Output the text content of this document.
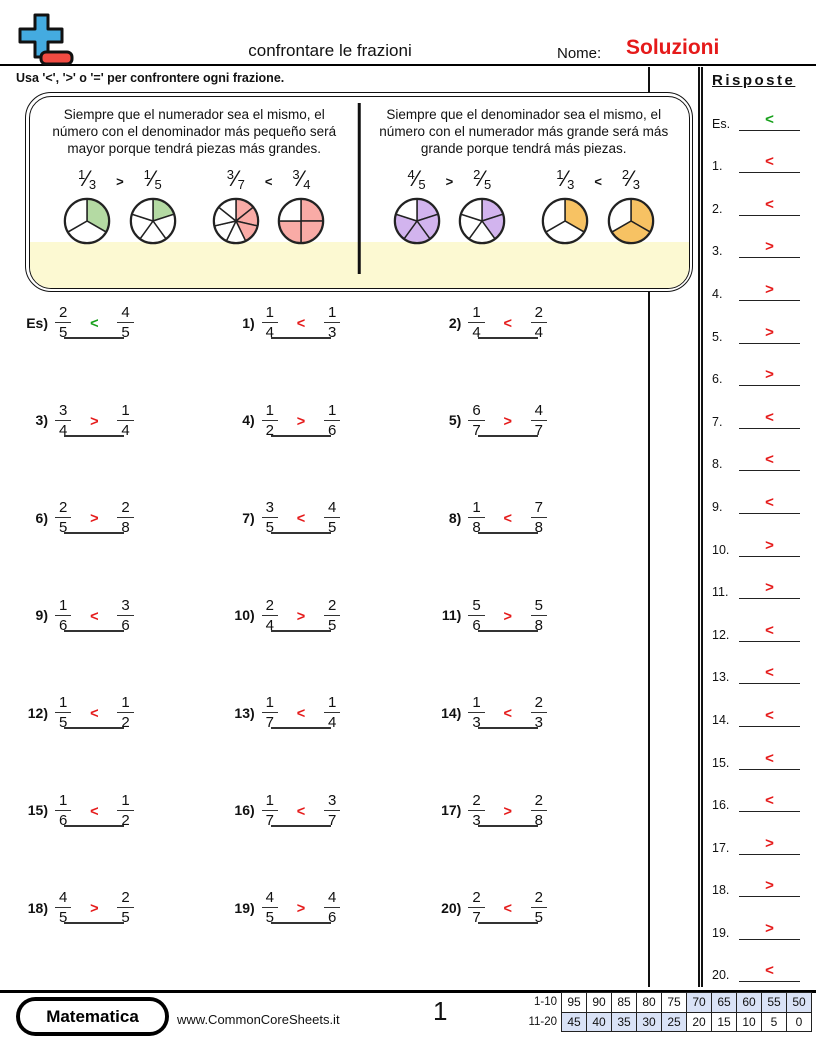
confrontare le frazioni	Nome: Soluzioni
Usa '<', '>' o '=' per confrontere ogni frazione.
Siempre que el numerador sea el mismo, el número con el denominador más pequeño será mayor porque tendrá piezas más grandes.
$^1$⁄3 > $^1$⁄5
$^3$⁄7 < $^3$⁄4
Siempre que el denominador sea el mismo, el número con el numerador más grande será más grande porque tendrá más piezas.
$^4$⁄5 > $^2$⁄5
$^1$⁄3 < $^2$⁄3
$Es) \frac{2}{5}$	<	$\frac{4}{5}$	$1) \frac{1}{4}$	<	$\frac{1}{3}$	$2) \frac{1}{4}$	<	$\frac{2}{4}$
$3) \frac{3}{4}$	>	$\frac{1}{4}$	$4) \frac{1}{2}$	>	$\frac{1}{6}$	$5) \frac{6}{7}$	>	$\frac{4}{7}$
$6) \frac{2}{5}$	>	$\frac{2}{8}$	$7) \frac{3}{5}$	<	$\frac{4}{5}$	$8) \frac{1}{8}$	<	$\frac{7}{8}$
$9) \frac{1}{6}$	<	$\frac{3}{6}$	$10) \frac{2}{4}$	>	$\frac{2}{5}$	$11) \frac{5}{6}$	>	$\frac{5}{8}$
$12) \frac{1}{5}$	<	$\frac{1}{2}$	$13) \frac{1}{7}$	<	$\frac{1}{4}$	$14) \frac{1}{3}$	<	$\frac{2}{3}$
$15) \frac{1}{6}$	<	$\frac{1}{2}$	$16) \frac{1}{7}$	<	$\frac{3}{7}$	$17) \frac{2}{3}$	>	$\frac{2}{8}$
$18) \frac{4}{5}$	>	$\frac{2}{5}$	$19) \frac{4}{5}$	>	$\frac{4}{6}$	$20) \frac{2}{7}$	<	$\frac{2}{5}$
Risposte
Es.	<
1.	<
2.	<
3.	>
4.	>
5.	>
6.	>
7.	<
8.	<
9.	<
10.	>
11.	>
12.	<
13.	<
14.	<
15.	<
16.	<
17.	>
18.	>
19.	>
20.	<
Matematica	www.CommonCoreSheets.it	1	1-10	95	90	85	80	75	70	65	60	55	50
11-20	45	40	35	30	25	20	15	10	5	0
